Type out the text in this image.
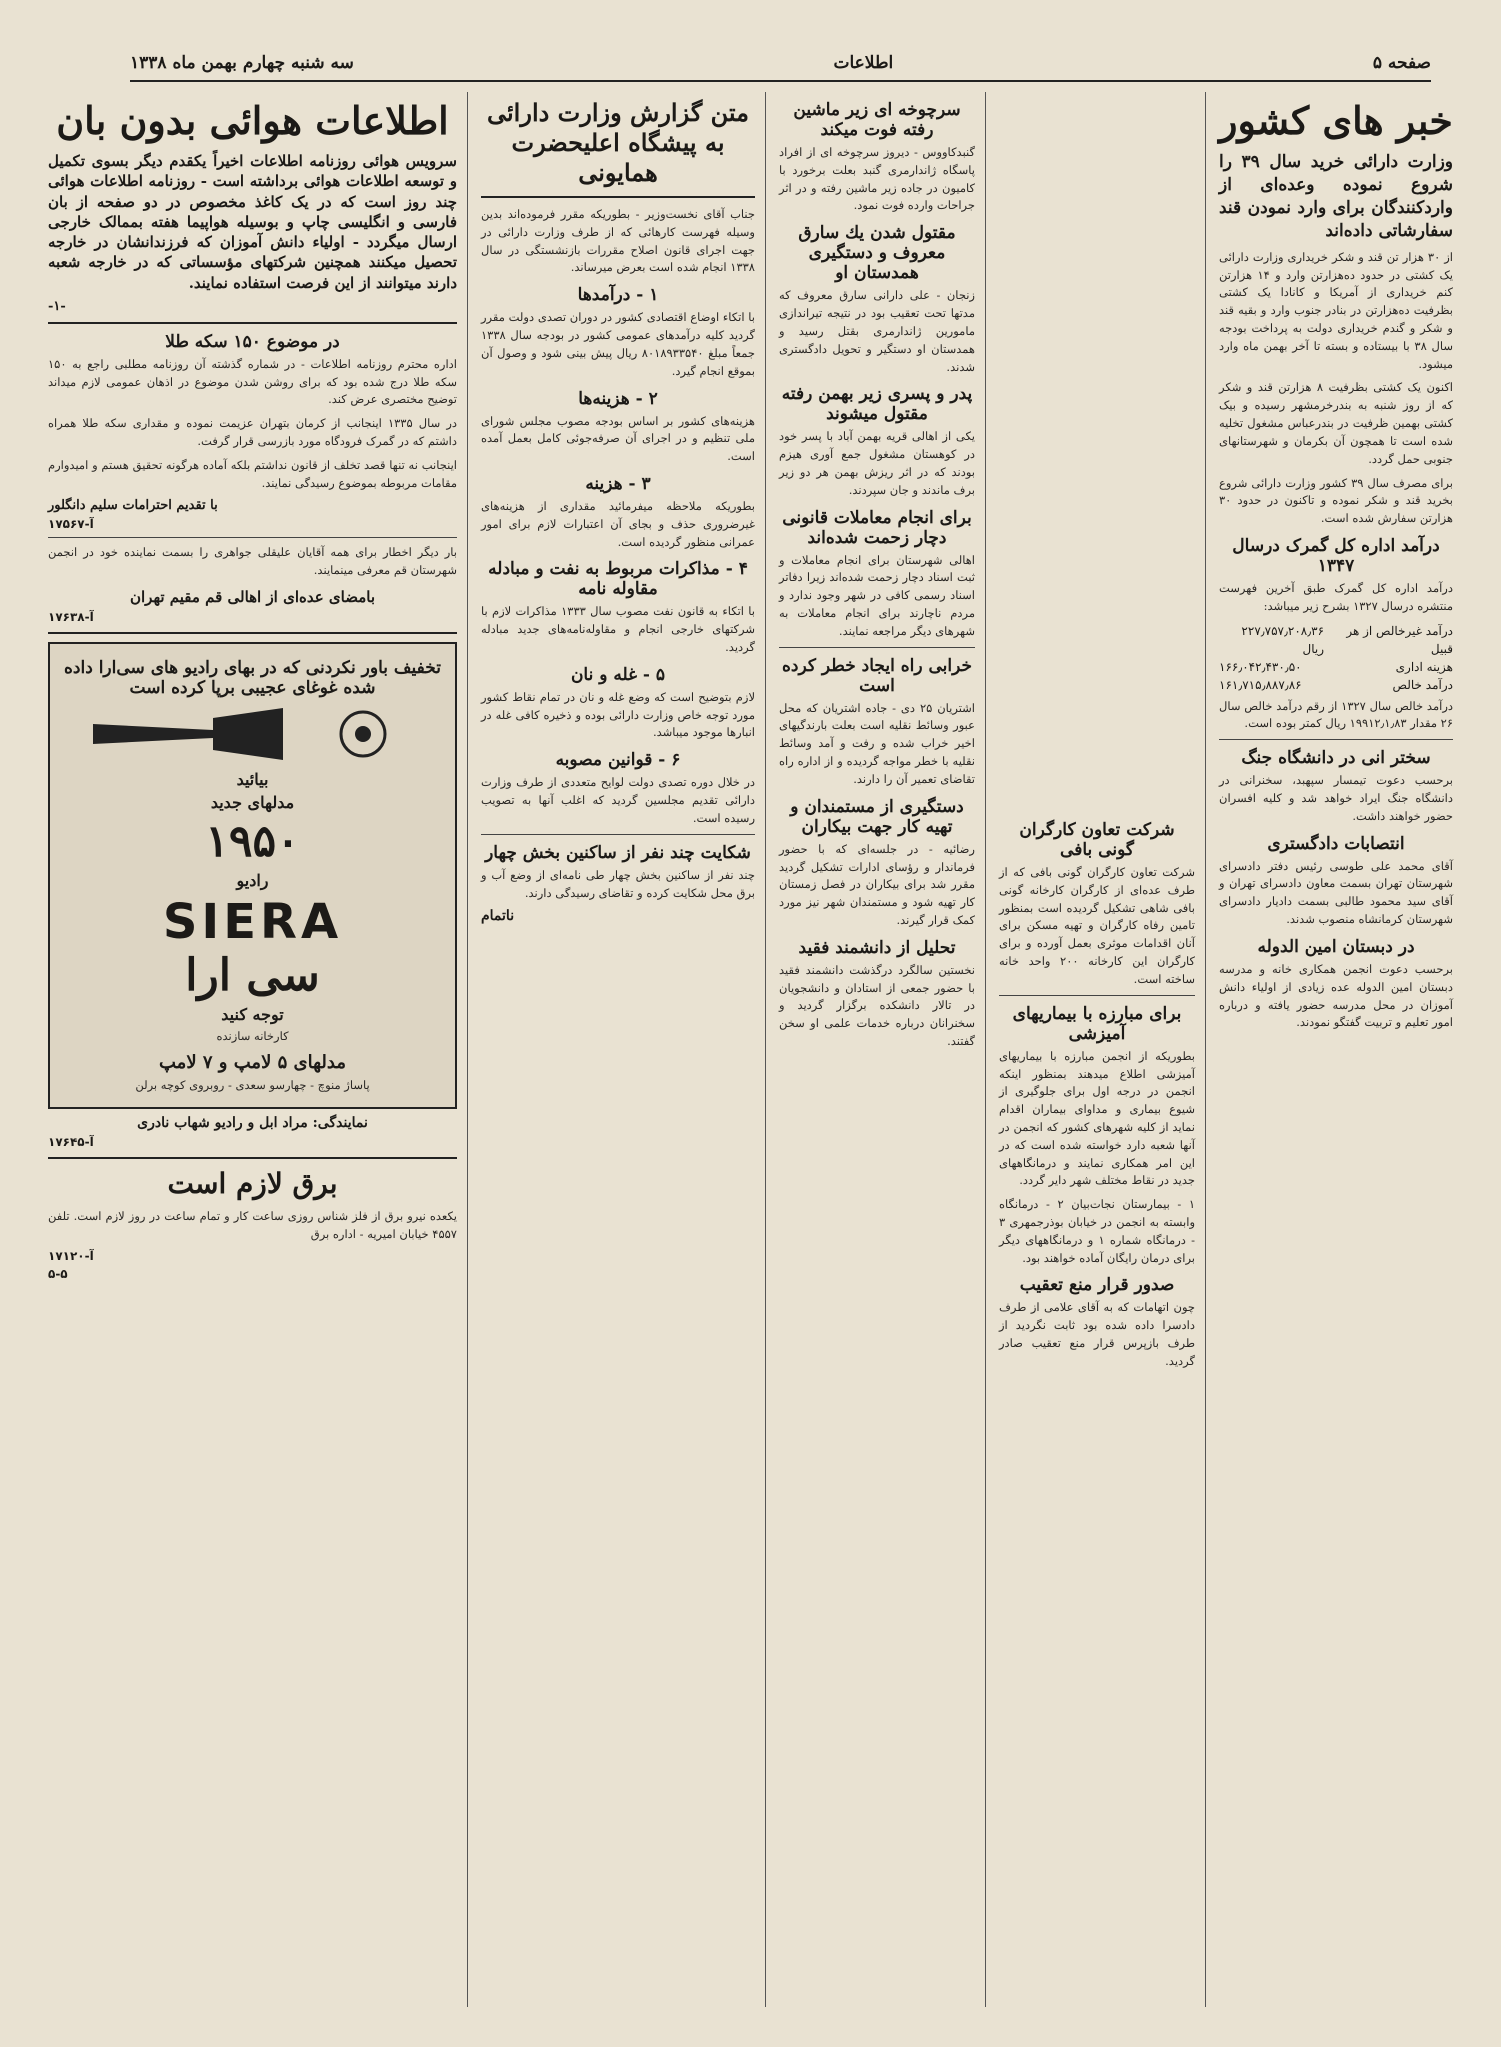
صفحه ۵
اطلاعات
سه شنبه چهارم بهمن ماه ۱۳۳۸
خبر های کشور
وزارت دارائی خرید سال ۳۹ را شروع نموده وعده‌ای از واردکنندگان برای وارد نمودن قند سفارشاتی داده‌اند

از ۳۰ هزار تن قند و شکر خریداری وزارت دارائی یک کشتی در حدود ده‌هزارتن وارد و ۱۴ هزارتن کنم خریداری از آمریکا و کانادا یک کشتی بظرفیت ده‌هزارتن در بنادر جنوب وارد و بقیه قند و شکر و گندم خریداری دولت به پرداخت بودجه سال ۳۸ با بیستاده و بسته تا آخر بهمن ماه وارد میشود.

اکنون یک کشتی بظرفیت ۸ هزارتن قند و شکر که از روز شنبه به بندرخرمشهر رسیده و بیک کشتی بهمین ظرفیت در بندرعباس مشغول تخلیه شده است تا همچون آن بکرمان و شهرستانهای جنوبی حمل گردد.

برای مصرف سال ۳۹ کشور وزارت دارائی شروع بخرید قند و شکر نموده و تاکنون در حدود ۳۰ هزارتن سفارش شده است.

درآمد اداره کل گمرک درسال ۱۳۴۷

درآمد اداره کل گمرک طبق آخرین فهرست منتشره درسال ۱۳۲۷ بشرح زیر میباشد:

درآمد غیرخالص از هر قبیل
۲۲۷٫۷۵۷٫۲۰۸٫۳۶ ریال
هزینه اداری
۱۶۶٫۰۴۲٫۴۳۰٫۵۰
درآمد خالص
۱۶۱٫۷۱۵٫۸۸۷٫۸۶

درآمد خالص سال ۱۳۲۷ از رقم درآمد خالص سال ۲۶ مقدار ۱۹۹۱۲٫۱٫۸۳ ریال کمتر بوده است.

سختر انی در دانشگاه جنگ

برحسب دعوت تیمسار سپهبد، سخنرانی در دانشگاه جنگ ایراد خواهد شد و کلیه افسران حضور خواهند داشت.

انتصابات دادگستری

آقای محمد علی طوسی رئیس دفتر دادسرای شهرستان تهران بسمت معاون دادسرای تهران و آقای سید محمود طالبی بسمت دادیار دادسرای شهرستان کرمانشاه منصوب شدند.

در دبستان امین الدوله

برحسب دعوت انجمن همکاری خانه و مدرسه دبستان امین الدوله عده زیادی از اولیاء دانش آموزان در محل مدرسه حضور یافته و درباره امور تعلیم و تربیت گفتگو نمودند.

شرکت تعاون کارگران گونی بافی

شرکت تعاون کارگران گونی بافی که از طرف عده‌ای از کارگران کارخانه گونی بافی شاهی تشکیل گردیده است بمنظور تامین رفاه کارگران و تهیه مسکن برای آنان اقدامات موثری بعمل آورده و برای کارگران این کارخانه ۲۰۰ واحد خانه ساخته است.

برای مبارزه با بیماریهای آمیزشی

بطوریکه از انجمن مبارزه با بیماریهای آمیزشی اطلاع میدهند بمنظور اینکه انجمن در درجه اول برای جلوگیری از شیوع بیماری و مداوای بیماران اقدام نماید از کلیه شهرهای کشور که انجمن در آنها شعبه دارد خواسته شده است که در این امر همکاری نمایند و درمانگاههای جدید در نقاط مختلف شهر دایر گردد.

۱ - بیمارستان نجات‌بیان ۲ - درمانگاه وابسته به انجمن در خیابان بوذرجمهری ۳ - درمانگاه شماره ۱ و درمانگاههای دیگر برای درمان رایگان آماده خواهند بود.

صدور قرار منع تعقیب

چون اتهامات که به آقای علامی از طرف دادسرا داده شده بود ثابت نگردید از طرف بازپرس قرار منع تعقیب صادر گردید.

سرچوخه ای زیر ماشین رفته فوت میکند

گنبدکاووس - دیروز سرچوخه ای از افراد پاسگاه ژاندارمری گنبد بعلت برخورد با کامیون در جاده زیر ماشین رفته و در اثر جراحات وارده فوت نمود.

مقتول شدن یك سارق معروف و دستگیری همدستان او

زنجان - علی دارانی سارق معروف که مدتها تحت تعقیب بود در نتیجه تیراندازی مامورین ژاندارمری بقتل رسید و همدستان او دستگیر و تحویل دادگستری شدند.

پدر و پسری زیر بهمن رفته مقتول میشوند

یکی از اهالی قریه بهمن آباد با پسر خود در کوهستان مشغول جمع آوری هیزم بودند که در اثر ریزش بهمن هر دو زیر برف ماندند و جان سپردند.

برای انجام معاملات قانونی دچار زحمت شده‌اند

اهالی شهرستان برای انجام معاملات و ثبت اسناد دچار زحمت شده‌اند زیرا دفاتر اسناد رسمی کافی در شهر وجود ندارد و مردم ناچارند برای انجام معاملات به شهرهای دیگر مراجعه نمایند.

خرابی راه ایجاد خطر کرده است

اشتریان ۲۵ دی - جاده اشتریان که محل عبور وسائط نقلیه است بعلت بارندگیهای اخیر خراب شده و رفت و آمد وسائط نقلیه با خطر مواجه گردیده و از اداره راه تقاضای تعمیر آن را دارند.

دستگیری از مستمندان و تهیه کار جهت بیکاران

رضائیه - در جلسه‌ای که با حضور فرماندار و رؤسای ادارات تشکیل گردید مقرر شد برای بیکاران در فصل زمستان کار تهیه شود و مستمندان شهر نیز مورد کمک قرار گیرند.

تحلیل از دانشمند فقید

نخستین سالگرد درگذشت دانشمند فقید با حضور جمعی از استادان و دانشجویان در تالار دانشکده برگزار گردید و سخنرانان درباره خدمات علمی او سخن گفتند.

متن گزارش وزارت دارائی به پیشگاه اعلیحضرت همایونی

جناب آقای نخست‌وزیر - بطوریکه مقرر فرموده‌اند بدین وسیله فهرست کارهائی که از طرف وزارت دارائی در جهت اجرای قانون اصلاح مقررات بازنشستگی در سال ۱۳۳۸ انجام شده است بعرض میرساند.

۱ - درآمدها

با اتکاء اوضاع اقتصادی کشور در دوران تصدی دولت مقرر گردید کلیه درآمدهای عمومی کشور در بودجه سال ۱۳۳۸ جمعاً مبلغ ۸۰۱۸۹۳۳۵۴۰ ریال پیش بینی شود و وصول آن بموقع انجام گیرد.

۲ - هزینه‌ها

هزینه‌های کشور بر اساس بودجه مصوب مجلس شورای ملی تنظیم و در اجرای آن صرفه‌جوئی کامل بعمل آمده است.

۳ - هزینه

بطوریکه ملاحظه میفرمائید مقداری از هزینه‌های غیرضروری حذف و بجای آن اعتبارات لازم برای امور عمرانی منظور گردیده است.

۴ - مذاکرات مربوط به نفت و مبادله مقاوله نامه

با اتکاء به قانون نفت مصوب سال ۱۳۳۳ مذاکرات لازم با شرکتهای خارجی انجام و مقاوله‌نامه‌های جدید مبادله گردید.

۵ - غله و نان

لازم بتوضیح است که وضع غله و نان در تمام نقاط کشور مورد توجه خاص وزارت دارائی بوده و ذخیره کافی غله در انبارها موجود میباشد.

۶ - قوانین مصوبه

در خلال دوره تصدی دولت لوایح متعددی از طرف وزارت دارائی تقدیم مجلسین گردید که اغلب آنها به تصویب رسیده است.

شکایت چند نفر از ساکنین بخش چهار

چند نفر از ساکنین بخش چهار طی نامه‌ای از وضع آب و برق محل شکایت کرده و تقاضای رسیدگی دارند.

ناتمام
اطلاعات هوائی بدون بان
سرویس هوائی روزنامه اطلاعات اخیراً یکقدم دیگر بسوی تکمیل و توسعه اطلاعات هوائی برداشته است - روزنامه اطلاعات هوائی چند روز است که در یک کاغذ مخصوص در دو صفحه از بان فارسی و انگلیسی چاپ و بوسیله هواپیما هفته بممالک خارجی ارسال میگردد - اولیاء دانش آموزان که فرزندانشان در خارجه تحصیل میکنند همچنین شرکتهای مؤسساتی که در خارجه شعبه دارند میتوانند از این فرصت استفاده نمایند.
-۱-
در موضوع ۱۵۰ سکه طلا

اداره محترم روزنامه اطلاعات - در شماره گذشته آن روزنامه مطلبی راجع به ۱۵۰ سکه طلا درج شده بود که برای روشن شدن موضوع در اذهان عمومی لازم میداند توضیح مختصری عرض کند.

در سال ۱۳۳۵ اینجانب از کرمان بتهران عزیمت نموده و مقداری سکه طلا همراه داشتم که در گمرک فرودگاه مورد بازرسی قرار گرفت.

اینجانب نه تنها قصد تخلف از قانون نداشتم بلکه آماده هرگونه تحقیق هستم و امیدوارم مقامات مربوطه بموضوع رسیدگی نمایند.

با تقدیم احترامات سلیم دانگلور
آ-۱۷۵۶۷

بار دیگر اخطار برای همه آقایان علیقلی جواهری را بسمت نماینده خود در انجمن شهرستان قم معرفی مینمایند.

بامضای عده‌ای از اهالی قم مقیم تهران
آ-۱۷۶۳۸
تخفیف باور نکردنی که در بهای رادیو های سی‌ارا داده شده غوغای عجیبی برپا کرده است
بیائید
مدلهای جدید
۱۹۵۰
رادیو
SIERA
سی ارا
توجه کنید
کارخانه سازنده
مدلهای ۵ لامپ و ۷ لامپ
پاساژ منوچ - چهارسو سعدی - روبروی کوچه برلن
نمایندگی: مراد ابل و رادیو شهاب نادری
آ-۱۷۶۴۵
برق لازم است

یکعده نیرو برق از فلز شناس روزی ساعت کار و تمام ساعت در روز لازم است. تلفن ۴۵۵۷ خیابان امیریه - اداره برق

آ-۱۷۱۲۰
۵-۵
